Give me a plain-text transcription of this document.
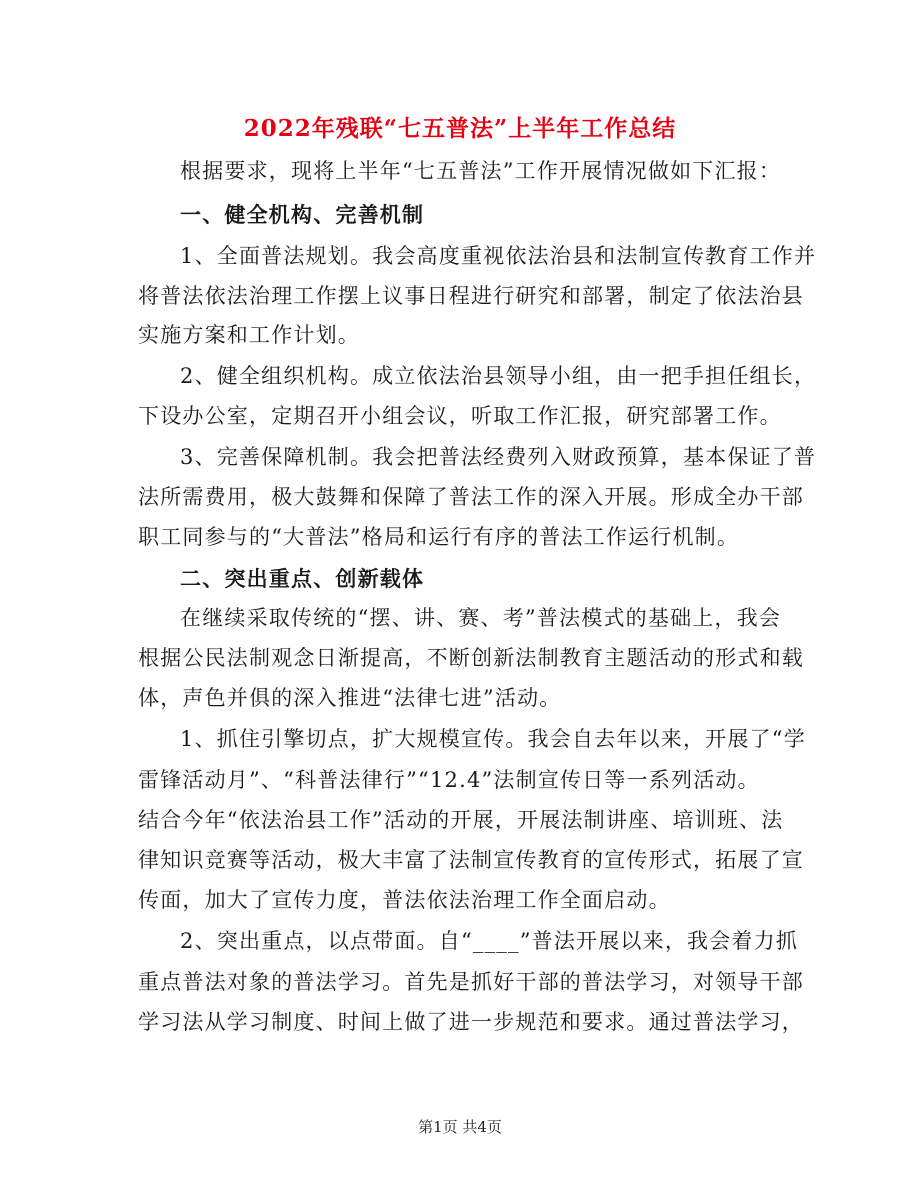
2022年残联“七五普法”上半年工作总结
根据要求，现将上半年“七五普法”工作开展情况做如下汇报：
一、健全机构、完善机制
1、全面普法规划。我会高度重视依法治县和法制宣传教育工作并
将普法依法治理工作摆上议事日程进行研究和部署，制定了依法治县
实施方案和工作计划。
2、健全组织机构。成立依法治县领导小组，由一把手担任组长，
下设办公室，定期召开小组会议，听取工作汇报，研究部署工作。
3、完善保障机制。我会把普法经费列入财政预算，基本保证了普
法所需费用，极大鼓舞和保障了普法工作的深入开展。形成全办干部
职工同参与的“大普法”格局和运行有序的普法工作运行机制。
二、突出重点、创新载体
在继续采取传统的“摆、讲、赛、考”普法模式的基础上，我会
根据公民法制观念日渐提高，不断创新法制教育主题活动的形式和载
体，声色并俱的深入推进“法律七进”活动。
1、抓住引擎切点，扩大规模宣传。我会自去年以来，开展了“学
雷锋活动月”、“科普法律行”“12.4”法制宣传日等一系列活动。
结合今年“依法治县工作”活动的开展，开展法制讲座、培训班、法
律知识竞赛等活动，极大丰富了法制宣传教育的宣传形式，拓展了宣
传面，加大了宣传力度，普法依法治理工作全面启动。
2、突出重点，以点带面。自“____”普法开展以来，我会着力抓
重点普法对象的普法学习。首先是抓好干部的普法学习，对领导干部
学习法从学习制度、时间上做了进一步规范和要求。通过普法学习，
第1页 共4页
